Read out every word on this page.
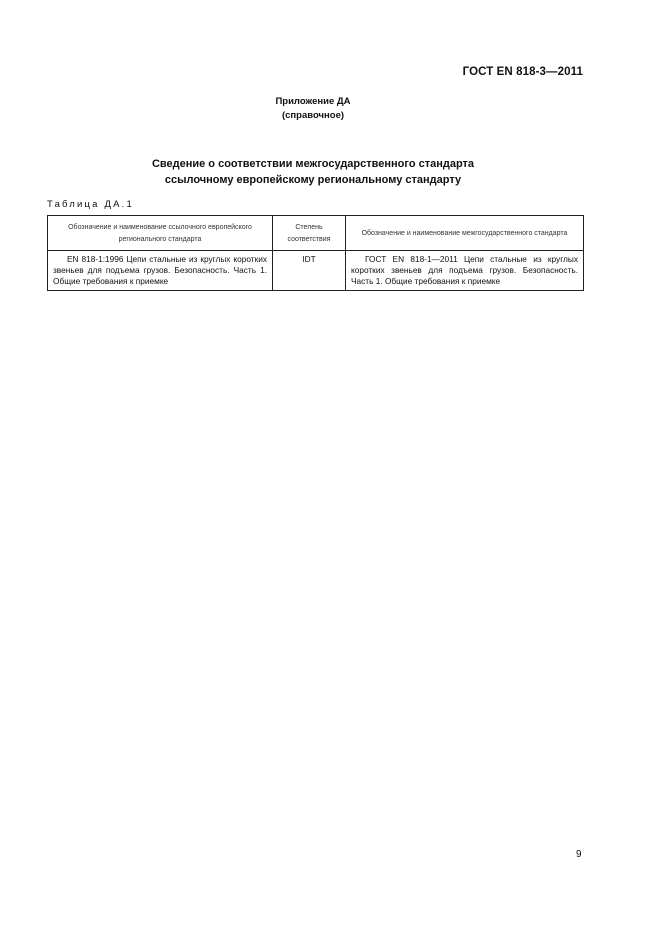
ГОСТ EN 818-3—2011
Приложение ДА
(справочное)
Сведение о соответствии межгосударственного стандарта
ссылочному европейскому региональному стандарту
Таблица ДА.1
Обозначение и наименование ссылочного европейского регионального стандарта	Степень соответствия	Обозначение и наименование межгосударственного стандарта
EN 818-1:1996 Цепи стальные из круглых коротких звеньев для подъема грузов. Безопасность. Часть 1. Общие требования к приемке	IDT	ГОСТ EN 818-1—2011 Цепи стальные из круглых коротких звеньев для подъема грузов. Безопасность. Часть 1. Общие требования к приемке
9
